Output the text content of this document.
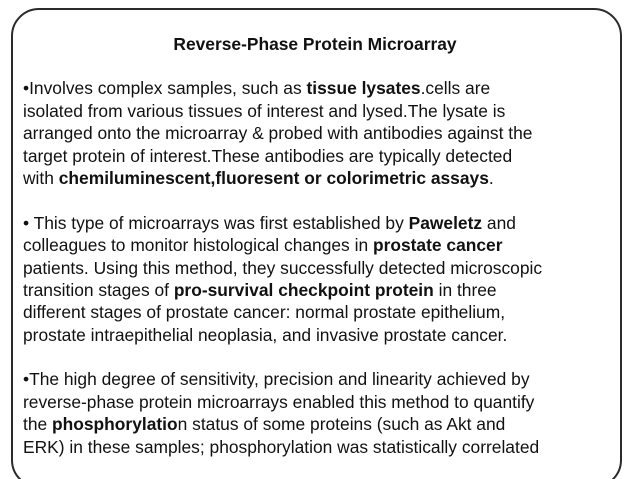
Reverse-Phase Protein Microarray
•Involves complex samples, such as tissue lysates.cells are
isolated from various tissues of interest and lysed.The lysate is
arranged onto the microarray & probed with antibodies against the
target protein of interest.These antibodies are typically detected
with chemiluminescent,fluoresent or colorimetric assays.
• This type of microarrays was first established by Paweletz and
colleagues to monitor histological changes in prostate cancer
patients. Using this method, they successfully detected microscopic
transition stages of pro-survival checkpoint protein in three
different stages of prostate cancer: normal prostate epithelium,
prostate intraepithelial neoplasia, and invasive prostate cancer.
•The high degree of sensitivity, precision and linearity achieved by
reverse-phase protein microarrays enabled this method to quantify
the phosphorylation status of some proteins (such as Akt and
ERK) in these samples; phosphorylation was statistically correlated
